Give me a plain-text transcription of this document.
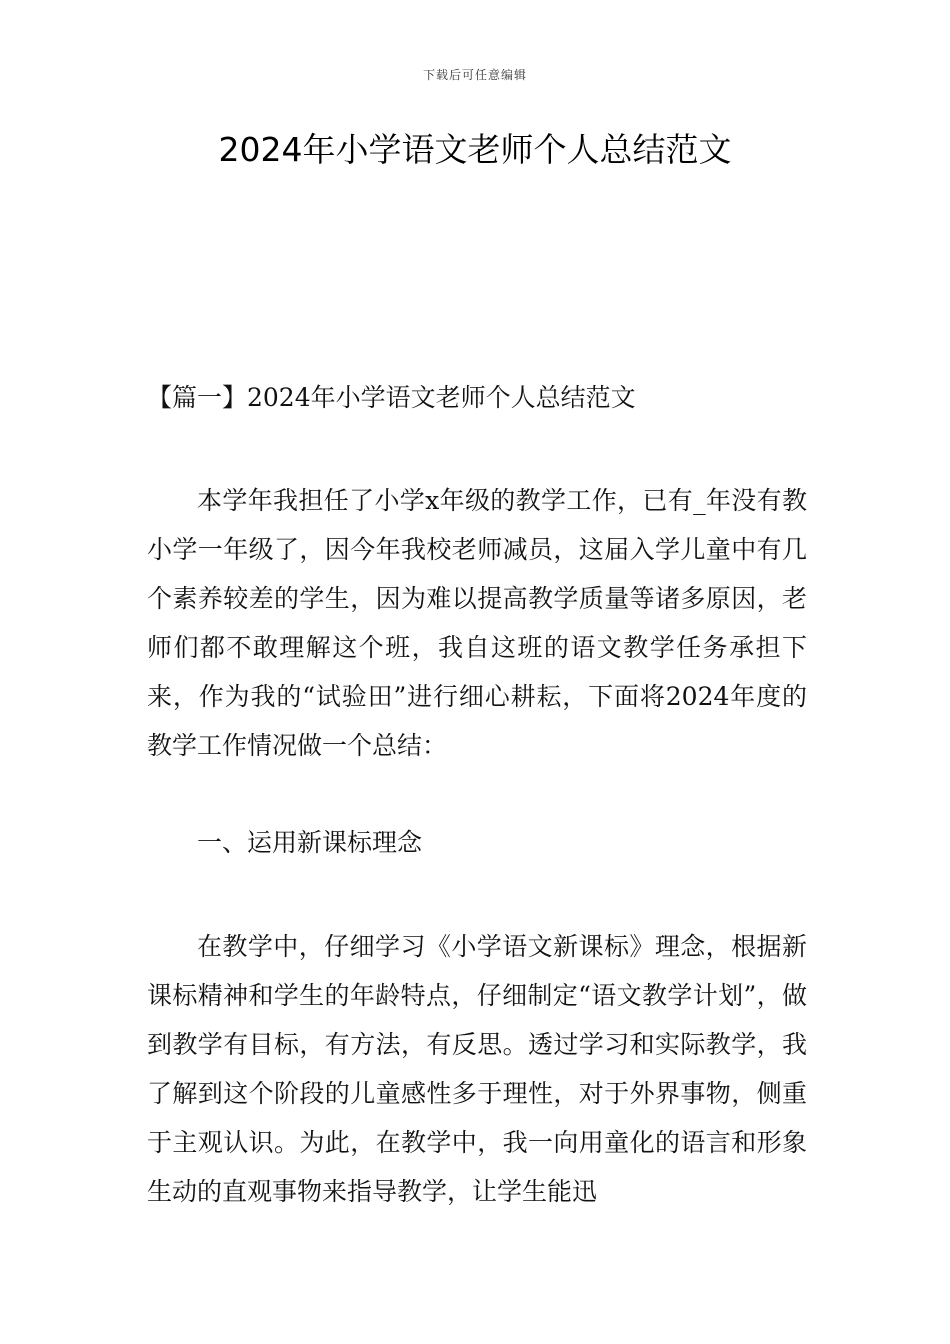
下载后可任意编辑
2024年小学语文老师个人总结范文
【篇一】2024年小学语文老师个人总结范文

本学年我担任了小学x年级的教学工作，已有_年没有教小学一年级了，因今年我校老师减员，这届入学儿童中有几个素养较差的学生，因为难以提高教学质量等诸多原因，老师们都不敢理解这个班，我自这班的语文教学任务承担下来，作为我的“试验田”进行细心耕耘，下面将2024年度的教学工作情况做一个总结：

一、运用新课标理念

在教学中，仔细学习《小学语文新课标》理念，根据新课标精神和学生的年龄特点，仔细制定“语文教学计划”，做到教学有目标，有方法，有反思。透过学习和实际教学，我了解到这个阶段的儿童感性多于理性，对于外界事物，侧重于主观认识。为此，在教学中，我一向用童化的语言和形象生动的直观事物来指导教学，让学生能迅
